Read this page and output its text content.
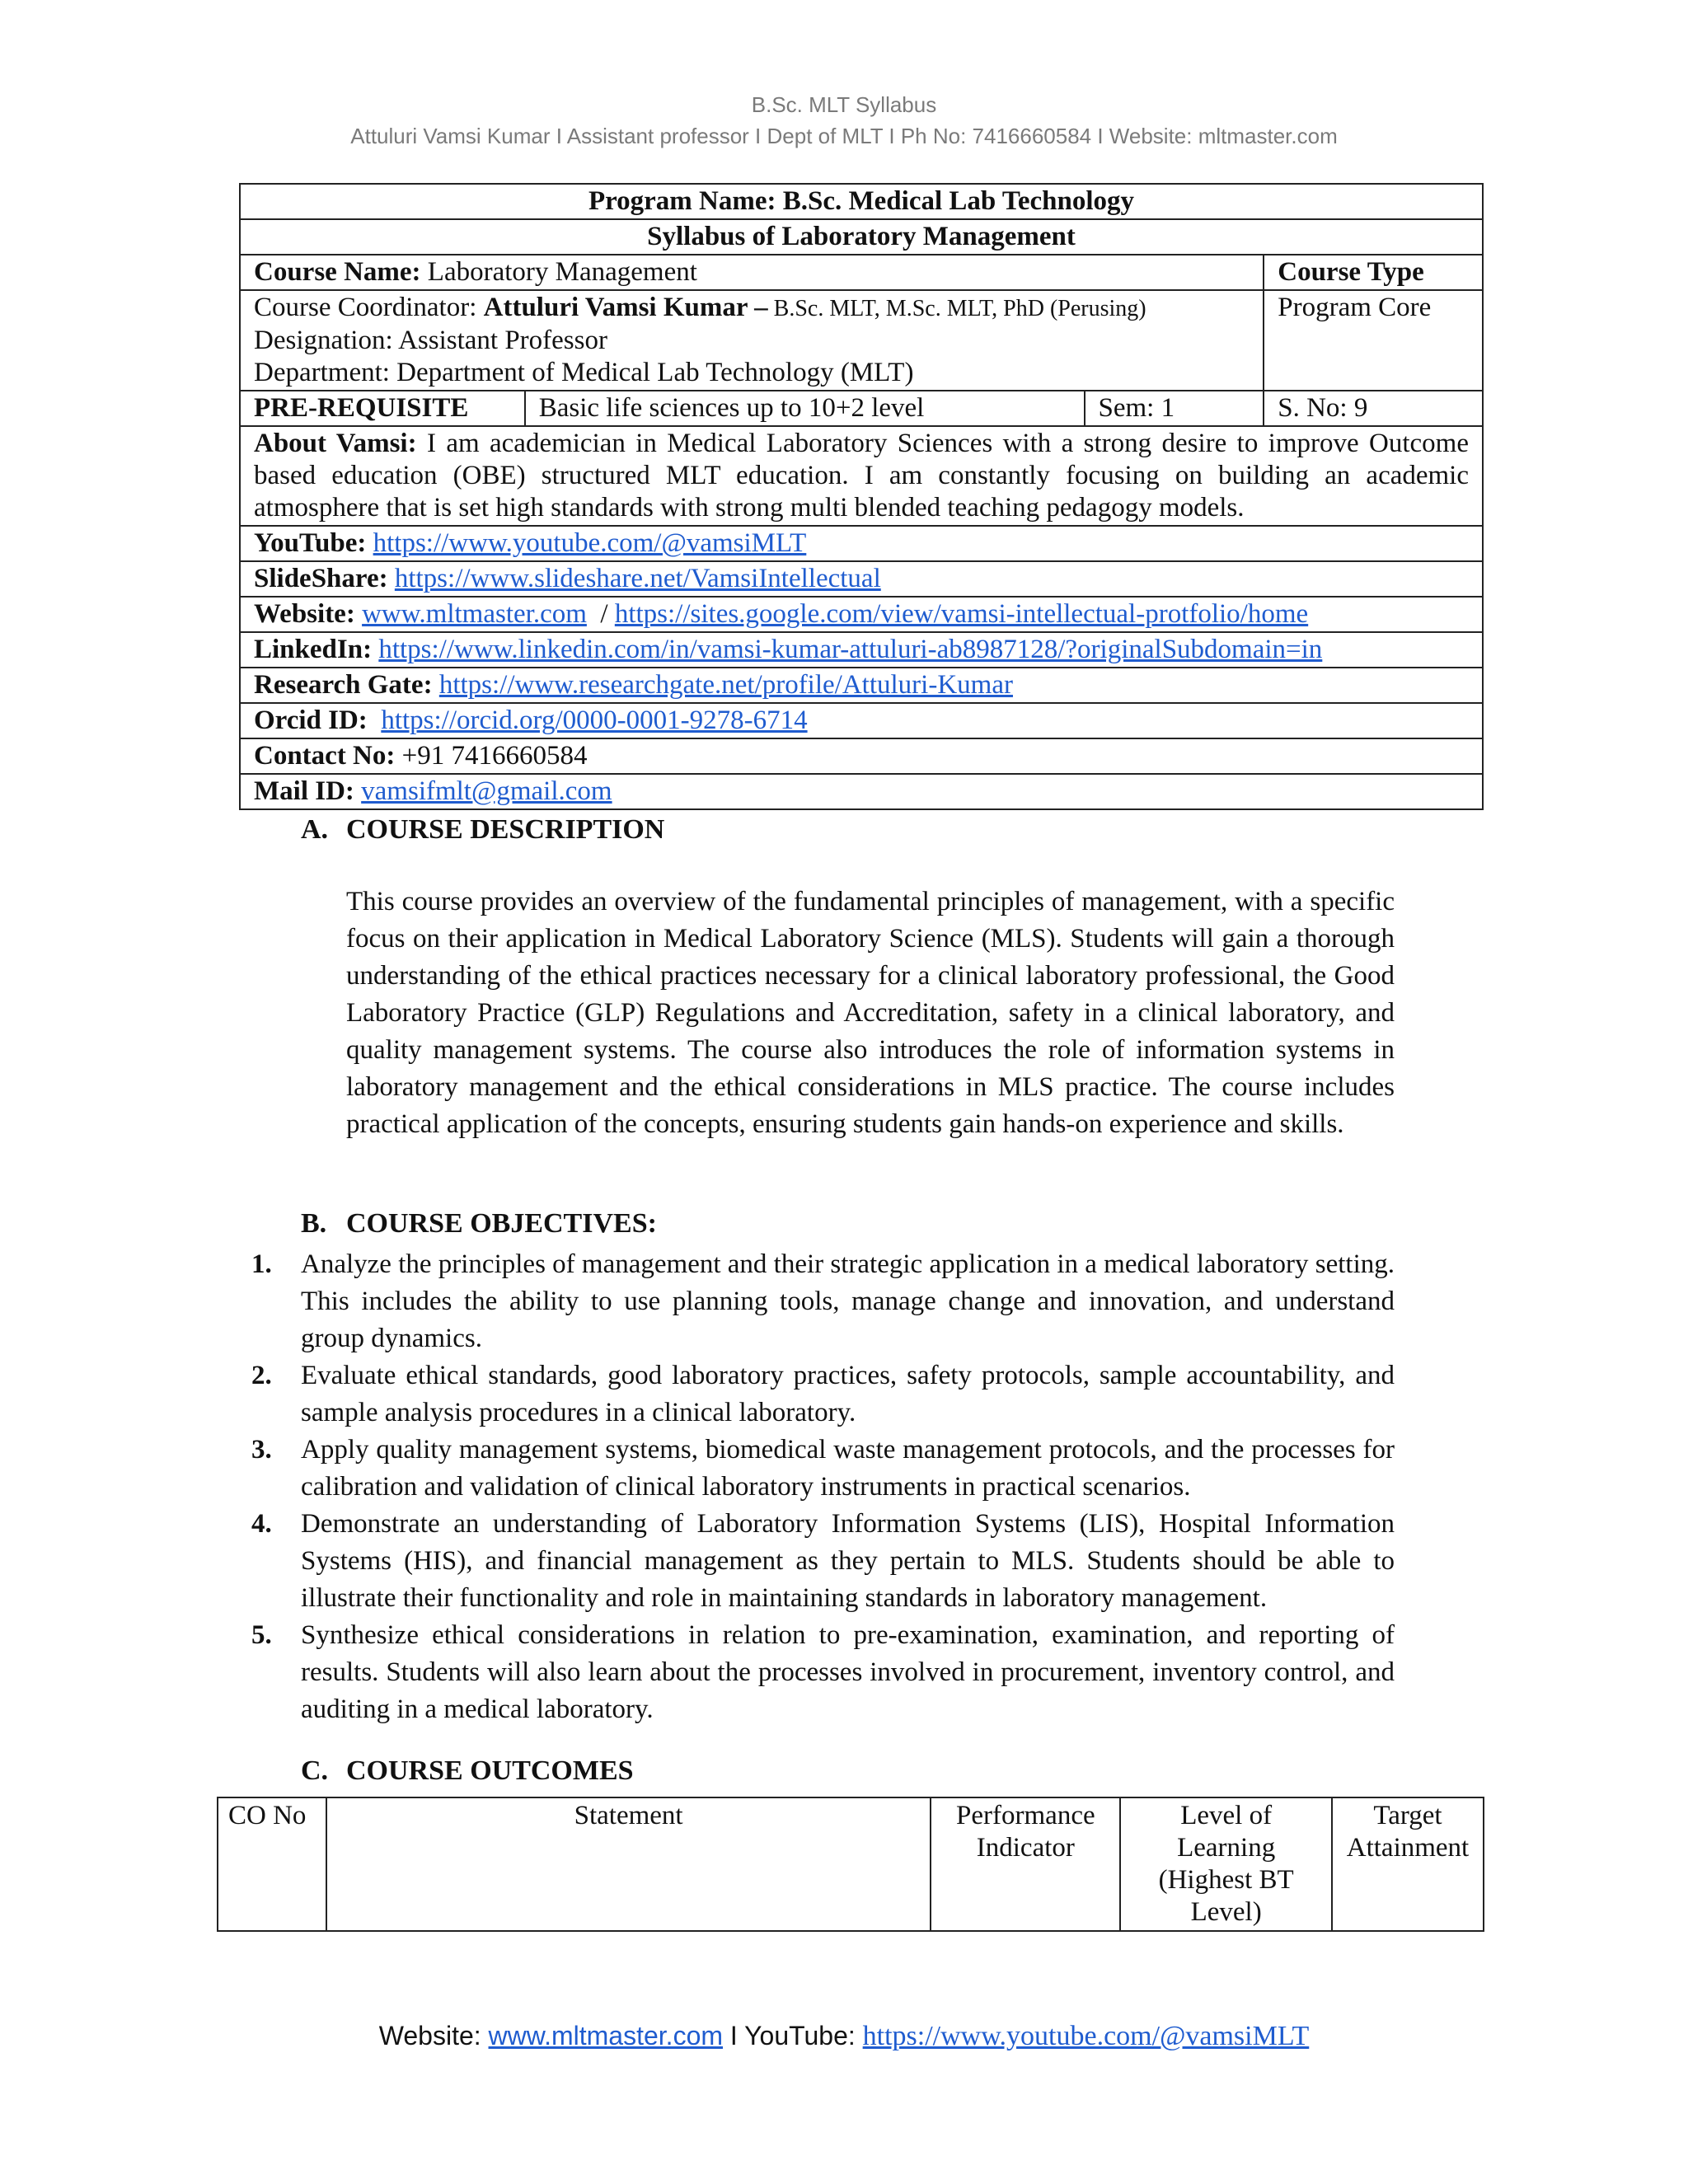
B.Sc. MLT Syllabus
Attuluri Vamsi Kumar I Assistant professor I Dept of MLT I Ph No: 7416660584 I Website: mltmaster.com
Program Name: B.Sc. Medical Lab Technology			
Syllabus of Laboratory Management			
Course Name: Laboratory Management			Course Type

Course Coordinator: Attuluri Vamsi Kumar – B.Sc. MLT, M.Sc. MLT, PhD (Perusing)
Designation: Assistant Professor
Department: Department of Medical Lab Technology (MLT)			Program Core
PRE-REQUISITE	Basic life sciences up to 10+2 level	Sem: 1	S. No: 9
About Vamsi: I am academician in Medical Laboratory Sciences with a strong desire to improve Outcome based education (OBE) structured MLT education. I am constantly focusing on building an academic atmosphere that is set high standards with strong multi blended teaching pedagogy models.			
YouTube: https://www.youtube.com/@vamsiMLT			
SlideShare: https://www.slideshare.net/VamsiIntellectual			
Website: www.mltmaster.com  / https://sites.google.com/view/vamsi-intellectual-protfolio/home			
LinkedIn: https://www.linkedin.com/in/vamsi-kumar-attuluri-ab8987128/?originalSubdomain=in			
Research Gate: https://www.researchgate.net/profile/Attuluri-Kumar			
Orcid ID: https://orcid.org/0000-0001-9278-6714			
Contact No: +91 7416660584			
Mail ID: vamsifmlt@gmail.com			
A. COURSE DESCRIPTION

This course provides an overview of the fundamental principles of management, with a specific focus on their application in Medical Laboratory Science (MLS). Students will gain a thorough understanding of the ethical practices necessary for a clinical laboratory professional, the Good Laboratory Practice (GLP) Regulations and Accreditation, safety in a clinical laboratory, and quality management systems. The course also introduces the role of information systems in laboratory management and the ethical considerations in MLS practice. The course includes practical application of the concepts, ensuring students gain hands-on experience and skills.

B. COURSE OBJECTIVES:
1.	Analyze the principles of management and their strategic application in a medical laboratory setting. This includes the ability to use planning tools, manage change and innovation, and understand group dynamics.
2.	Evaluate ethical standards, good laboratory practices, safety protocols, sample accountability, and sample analysis procedures in a clinical laboratory.
3.	Apply quality management systems, biomedical waste management protocols, and the processes for calibration and validation of clinical laboratory instruments in practical scenarios.
4.	Demonstrate an understanding of Laboratory Information Systems (LIS), Hospital Information Systems (HIS), and financial management as they pertain to MLS. Students should be able to illustrate their functionality and role in maintaining standards in laboratory management.
5.	Synthesize ethical considerations in relation to pre-examination, examination, and reporting of results. Students will also learn about the processes involved in procurement, inventory control, and auditing in a medical laboratory.
C. COURSE OUTCOMES
CO No	Statement	Performance Indicator	Level of Learning (Highest BT Level)	Target Attainment
Website: www.mltmaster.com I YouTube: https://www.youtube.com/@vamsiMLT
